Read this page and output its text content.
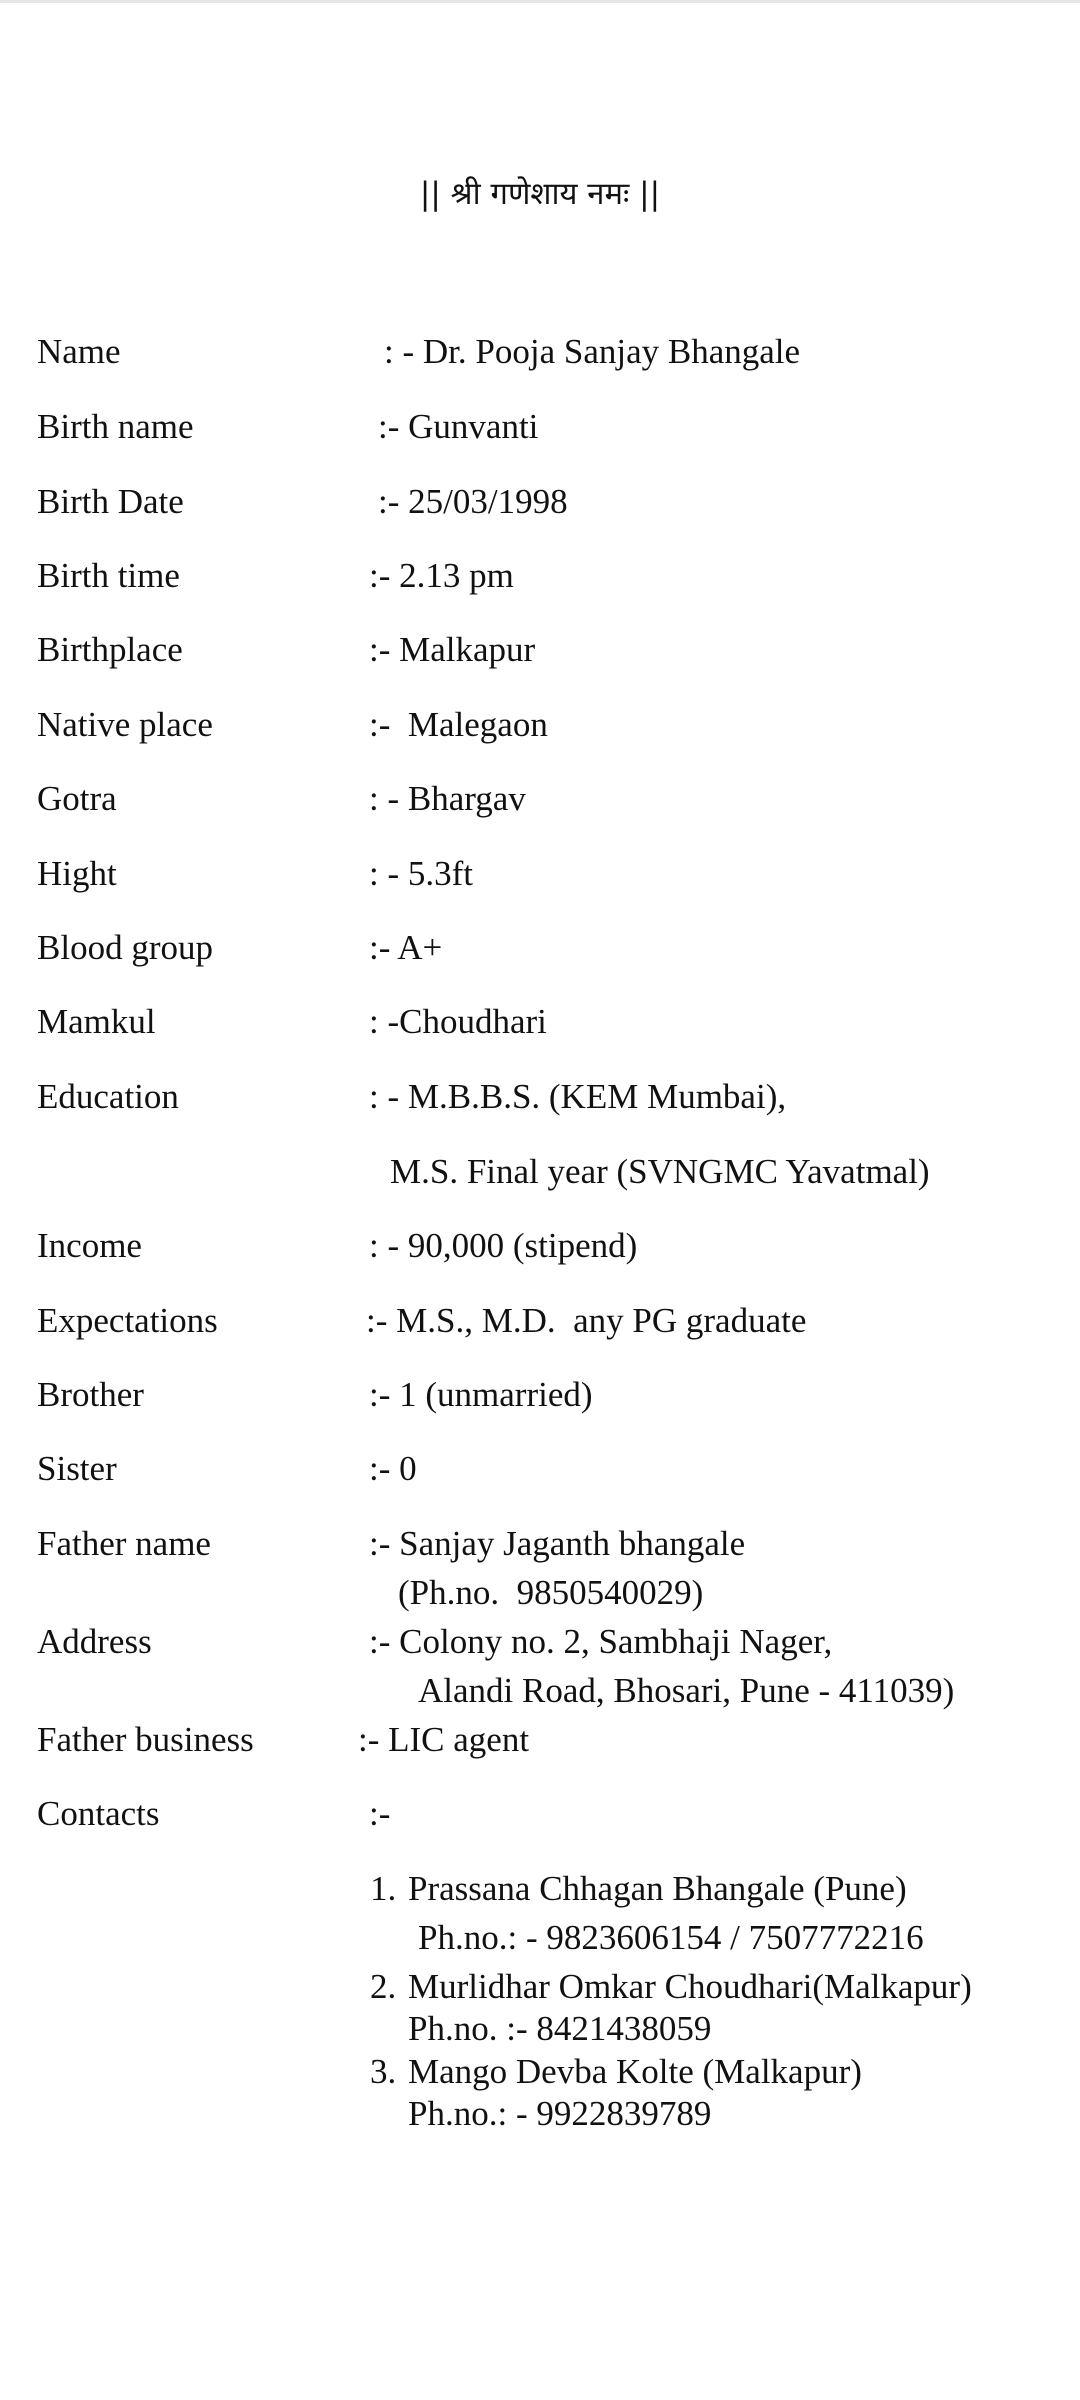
|| श्री गणेशाय नमः ||
Name	: - Dr. Pooja Sanjay Bhangale
Birth name	:- Gunvanti
Birth Date	:- 25/03/1998
Birth time	:- 2.13 pm
Birthplace	:- Malkapur
Native place	:-  Malegaon
Gotra	: - Bhargav
Hight	: - 5.3ft
Blood group	:- A+
Mamkul	: -Choudhari
Education	: - M.B.B.S. (KEM Mumbai),
M.S. Final year (SVNGMC Yavatmal)
Income	: - 90,000 (stipend)
Expectations	:- M.S., M.D.  any PG graduate
Brother	:- 1 (unmarried)
Sister	:- 0
Father name	:- Sanjay Jaganth bhangale
(Ph.no.  9850540029)
Address	:- Colony no. 2, Sambhaji Nager,
Alandi Road, Bhosari, Pune - 411039)
Father business	:- LIC agent
Contacts	:-
1. Prassana Chhagan Bhangale (Pune)
Ph.no.: - 9823606154 / 7507772216
2. Murlidhar Omkar Choudhari(Malkapur)
Ph.no. :- 8421438059
3. Mango Devba Kolte (Malkapur)
Ph.no.: - 9922839789
